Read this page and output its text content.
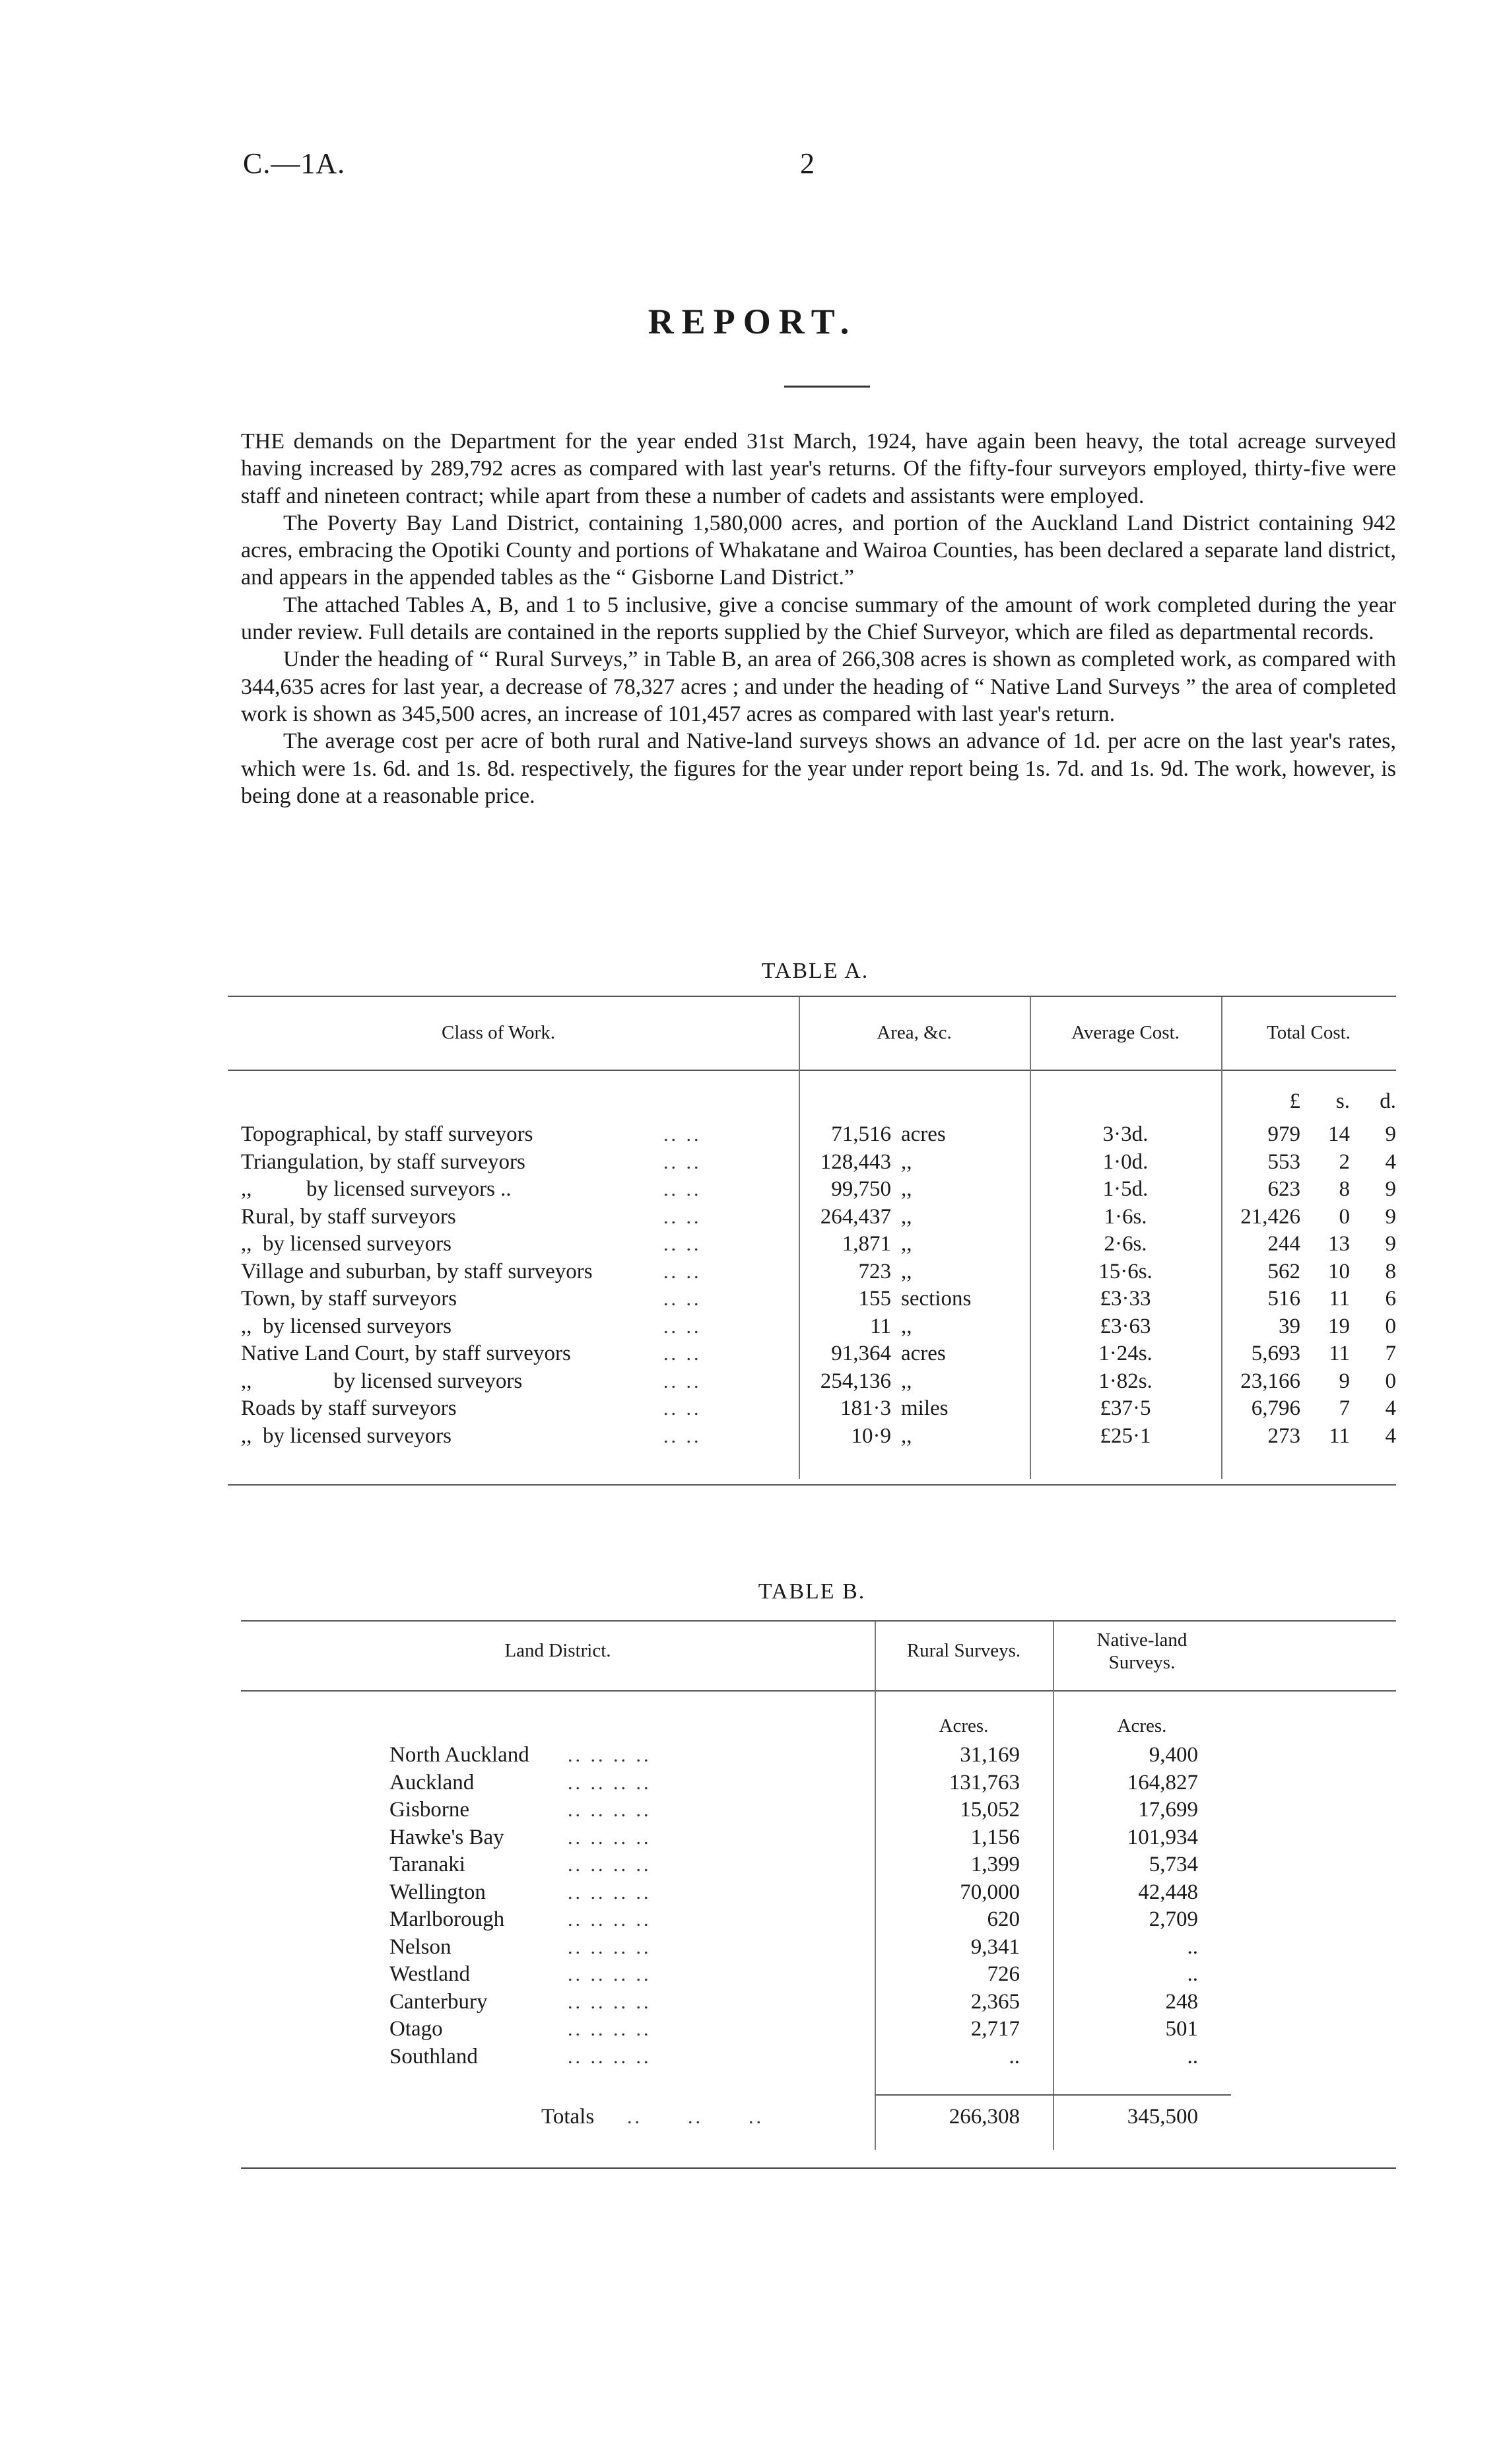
C.—1A.	2
REPORT.

THE demands on the Department for the year ended 31st March, 1924, have again been heavy, the total acreage surveyed having increased by 289,792 acres as compared with last year's returns. Of the fifty-four surveyors employed, thirty-five were staff and nineteen contract; while apart from these a number of cadets and assistants were employed.

The Poverty Bay Land District, containing 1,580,000 acres, and portion of the Auckland Land District containing 942 acres, embracing the Opotiki County and portions of Whakatane and Wairoa Counties, has been declared a separate land district, and appears in the appended tables as the “ Gisborne Land District.”

The attached Tables A, B, and 1 to 5 inclusive, give a concise summary of the amount of work completed during the year under review. Full details are contained in the reports supplied by the Chief Surveyor, which are filed as departmental records.

Under the heading of “ Rural Surveys,” in Table B, an area of 266,308 acres is shown as completed work, as compared with 344,635 acres for last year, a decrease of 78,327 acres ; and under the heading of “ Native Land Surveys ” the area of completed work is shown as 345,500 acres, an increase of 101,457 acres as compared with last year's return.

The average cost per acre of both rural and Native-land surveys shows an advance of 1d. per acre on the last year's rates, which were 1s. 6d. and 1s. 8d. respectively, the figures for the year under report being 1s. 7d. and 1s. 9d. The work, however, is being done at a reasonable price.

TABLE A.
Class of Work.	Area, &c.	Average Cost.	Total Cost.
£	s.	d.
Topographical, by staff surveyors	.. ..	71,516 acres	3·3d.	979	14	9
Triangulation, by staff surveyors	.. ..	128,443 ,,	1·0d.	553	2	4
,,          by licensed surveyors ..	.. ..	99,750 ,,	1·5d.	623	8	9
Rural, by staff surveyors	.. ..	264,437 ,,	1·6s.	21,426	0	9
,,  by licensed surveyors	.. ..	1,871 ,,	2·6s.	244	13	9
Village and suburban, by staff surveyors	.. ..	723 ,,	15·6s.	562	10	8
Town, by staff surveyors	.. ..	155 sections	£3·33	516	11	6
,,  by licensed surveyors	.. ..	11 ,,	£3·63	39	19	0
Native Land Court, by staff surveyors	.. ..	91,364 acres	1·24s.	5,693	11	7
,,               by licensed surveyors	.. ..	254,136 ,,	1·82s.	23,166	9	0
Roads by staff surveyors	.. ..	181·3 miles	£37·5	6,796	7	4
,,  by licensed surveyors	.. ..	10·9 ,,	£25·1	273	11	4
TABLE B.
Land District.	Rural Surveys.	Native-land
Surveys.
Acres.	Acres.
North Auckland .. .. .. ..	31,169	9,400
Auckland	.. .. .. ..	131,763	164,827
Gisborne	.. .. .. ..	15,052	17,699
Hawke's Bay	.. .. .. ..	1,156	101,934
Taranaki	.. .. .. ..	1,399	5,734
Wellington	.. .. .. ..	70,000	42,448
Marlborough	.. .. .. ..	620	2,709
Nelson	.. .. .. ..	9,341	..
Westland	.. .. .. ..	726	..
Canterbury	.. .. .. ..	2,365	248
Otago	.. .. .. ..	2,717	501
Southland	.. .. .. ..	..	..
Totals ..      ..      ..	266,308	345,500
